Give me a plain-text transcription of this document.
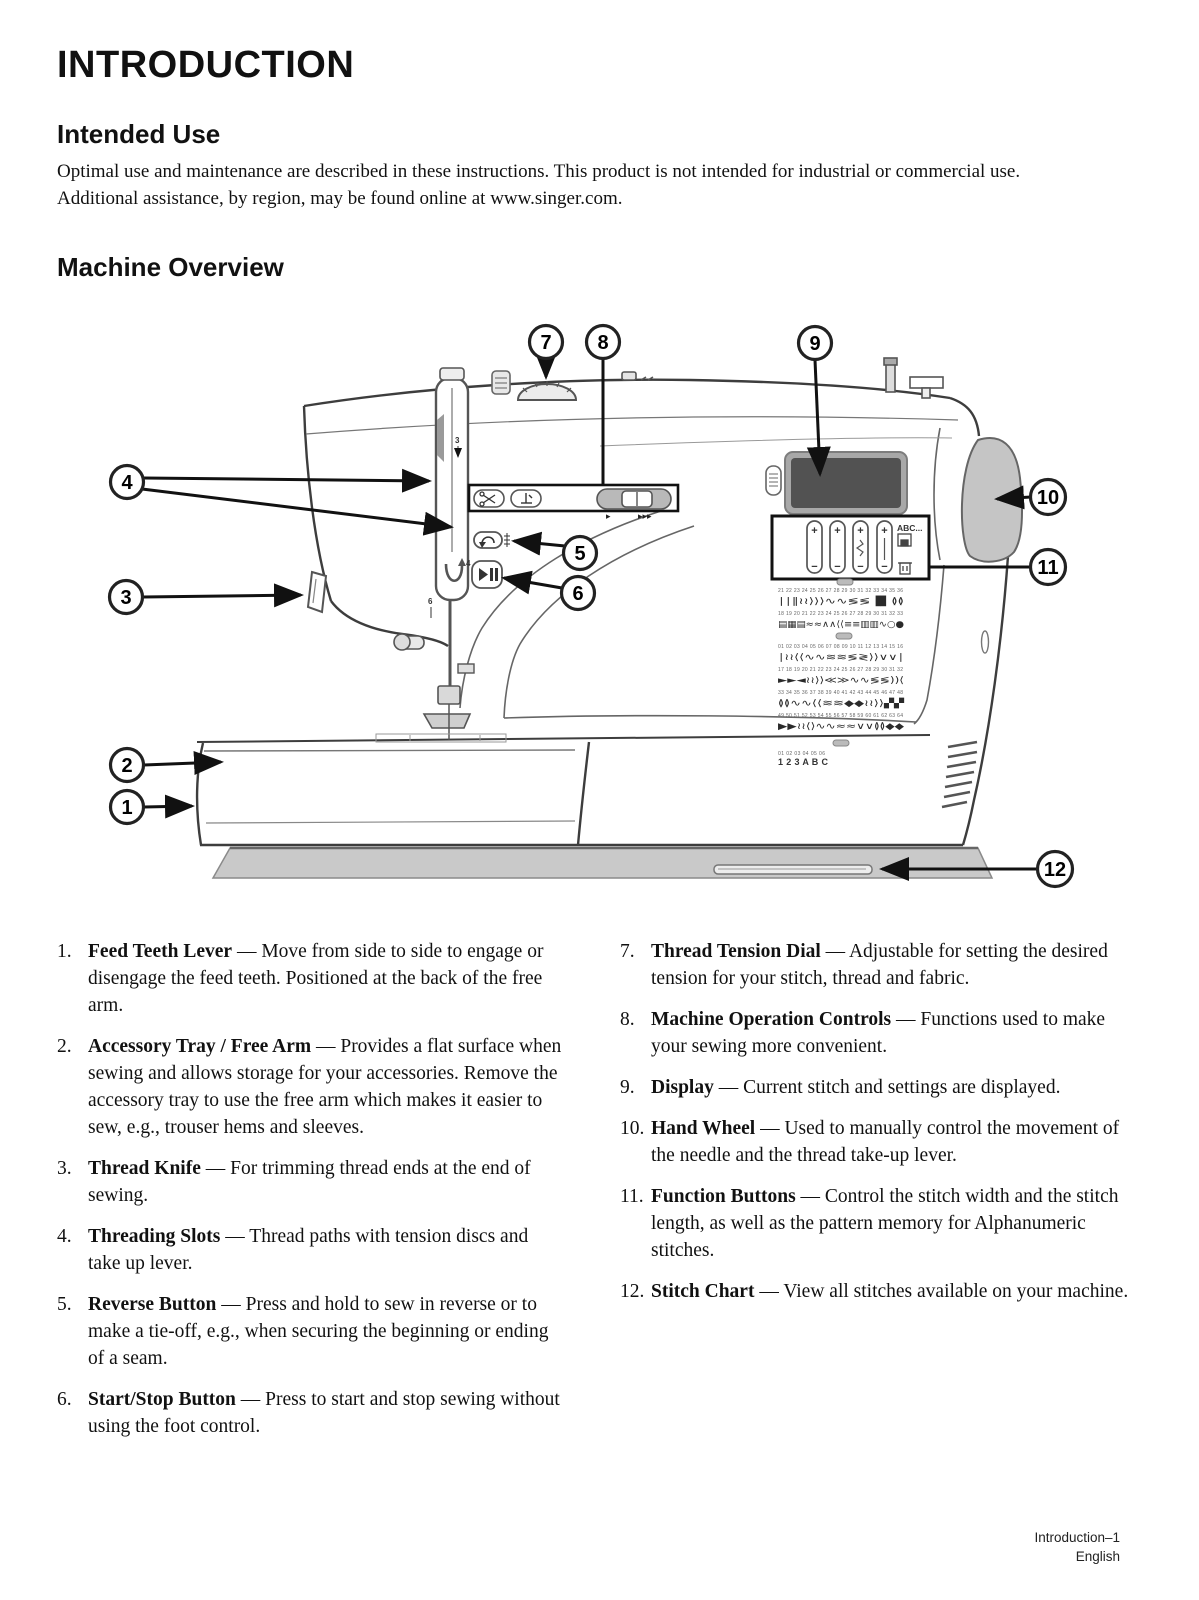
INTRODUCTION
Intended Use
Optimal use and maintenance are described in these instructions. This product is not intended for industrial or commercial use. Additional assistance, by region, may be found online at www.singer.com.
Machine Overview
3
4
6
▸	▸▸▸
+ + + +
− − − −
ABC...
21 22 23 24 25 26 27 28 29 30 31 32 33 34 35 36
∣∣∥≀≀⟩⟩⟩∿∿≶≶▐▌≬≬
18 19 20 21 22 23 24 25 26 27 28 29 30 31 32 33
▤▦▤≈≈∧∧⟨⟨≡≡▥▥∿○●
01 02 03 04 05 06 07 08 09 10 11 12 13 14 15 16
∣≀≀⟨⟨∿∿≋≋≶≷⟩⟩∨∨∣
17 18 19 20 21 22 23 24 25 26 27 28 29 30 31 32
►►◄≀≀⟩⟩≪≫∿∿≶≶))⟨
33 34 35 36 37 38 39 40 41 42 43 44 45 46 47 48
≬≬∿∿⟨⟨≋≋◆◆≀≀⟩⟩▞▞
49 50 51 52 53 54 55 56 57 58 59 60 61 62 63 64
▶▶≀≀⟨⟩∿∿≈≈∨∨≬≬◆◆
01 02 03 04 05 06
1 2 3 A B C
1
2
3
4
5
6
7 8	9
10
11
12
1. Feed Teeth Lever — Move from side to side to engage or disengage the feed teeth. Positioned at the back of the free arm.
2. Accessory Tray / Free Arm — Provides a flat surface when sewing and allows storage for your accessories. Remove the accessory tray to use the free arm which makes it easier to sew, e.g., trouser hems and sleeves.
3. Thread Knife — For trimming thread ends at the end of sewing.
4. Threading Slots — Thread paths with tension discs and take up lever.
5. Reverse Button — Press and hold to sew in reverse or to make a tie-off, e.g., when securing the beginning or ending of a seam.
6. Start/Stop Button — Press to start and stop sewing without using the foot control.
7. Thread Tension Dial — Adjustable for setting the desired tension for your stitch, thread and fabric.
8. Machine Operation Controls — Functions used to make your sewing more convenient.
9. Display — Current stitch and settings are displayed.
10. Hand Wheel — Used to manually control the movement of the needle and the thread take-up lever.
11. Function Buttons — Control the stitch width and the stitch length, as well as the pattern memory for Alphanumeric stitches.
12. Stitch Chart — View all stitches available on your machine.
Introduction–1
English
